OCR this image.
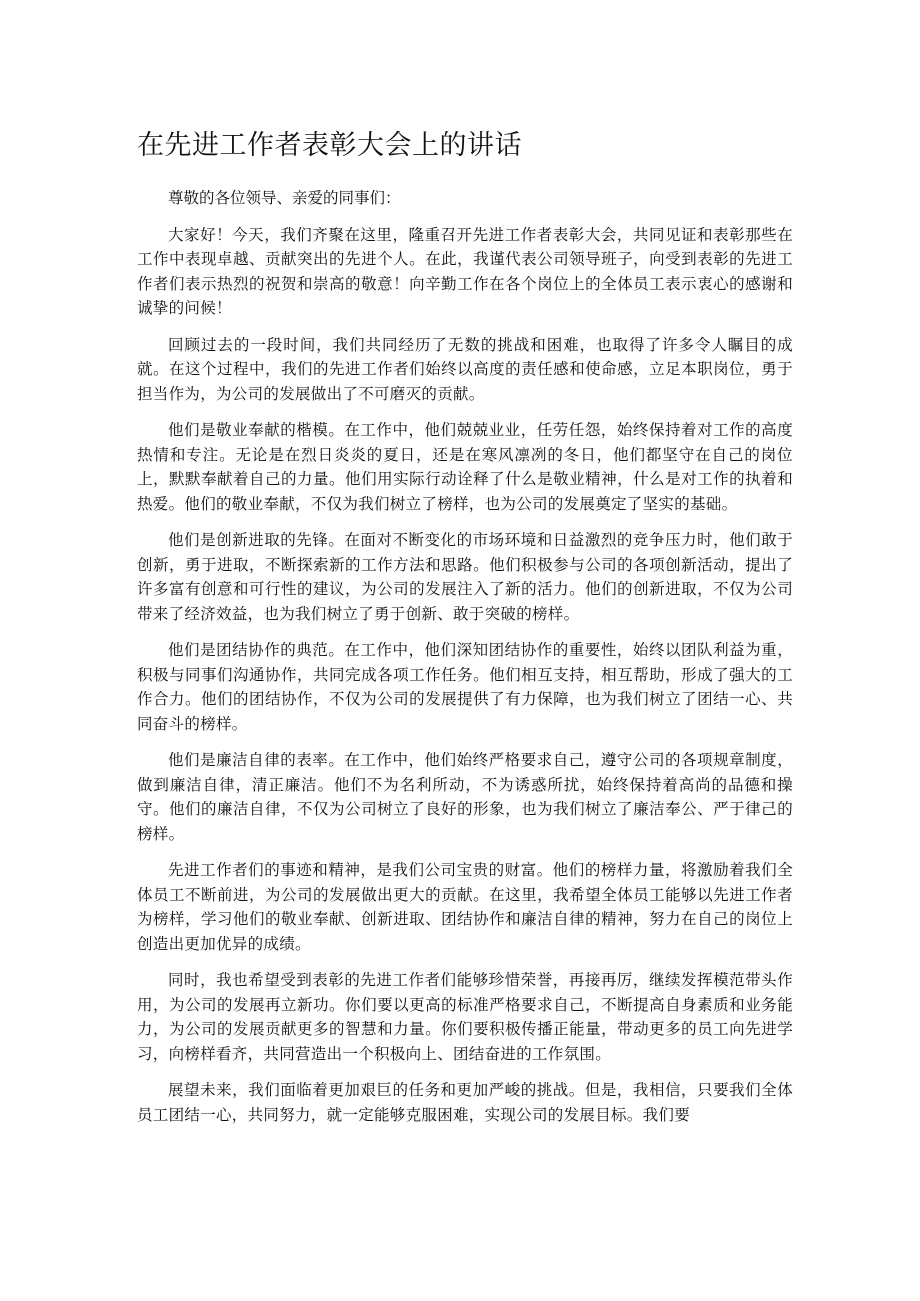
在先进工作者表彰大会上的讲话

尊敬的各位领导、亲爱的同事们：

大家好！今天，我们齐聚在这里，隆重召开先进工作者表彰大会，共同见证和表彰那些在工作中表现卓越、贡献突出的先进个人。在此，我谨代表公司领导班子，向受到表彰的先进工作者们表示热烈的祝贺和崇高的敬意！向辛勤工作在各个岗位上的全体员工表示衷心的感谢和诚挚的问候！

回顾过去的一段时间，我们共同经历了无数的挑战和困难，也取得了许多令人瞩目的成就。在这个过程中，我们的先进工作者们始终以高度的责任感和使命感，立足本职岗位，勇于担当作为，为公司的发展做出了不可磨灭的贡献。

他们是敬业奉献的楷模。在工作中，他们兢兢业业，任劳任怨，始终保持着对工作的高度热情和专注。无论是在烈日炎炎的夏日，还是在寒风凛冽的冬日，他们都坚守在自己的岗位上，默默奉献着自己的力量。他们用实际行动诠释了什么是敬业精神，什么是对工作的执着和热爱。他们的敬业奉献，不仅为我们树立了榜样，也为公司的发展奠定了坚实的基础。

他们是创新进取的先锋。在面对不断变化的市场环境和日益激烈的竞争压力时，他们敢于创新，勇于进取，不断探索新的工作方法和思路。他们积极参与公司的各项创新活动，提出了许多富有创意和可行性的建议，为公司的发展注入了新的活力。他们的创新进取，不仅为公司带来了经济效益，也为我们树立了勇于创新、敢于突破的榜样。

他们是团结协作的典范。在工作中，他们深知团结协作的重要性，始终以团队利益为重，积极与同事们沟通协作，共同完成各项工作任务。他们相互支持，相互帮助，形成了强大的工作合力。他们的团结协作，不仅为公司的发展提供了有力保障，也为我们树立了团结一心、共同奋斗的榜样。

他们是廉洁自律的表率。在工作中，他们始终严格要求自己，遵守公司的各项规章制度，做到廉洁自律，清正廉洁。他们不为名利所动，不为诱惑所扰，始终保持着高尚的品德和操守。他们的廉洁自律，不仅为公司树立了良好的形象，也为我们树立了廉洁奉公、严于律己的榜样。

先进工作者们的事迹和精神，是我们公司宝贵的财富。他们的榜样力量，将激励着我们全体员工不断前进，为公司的发展做出更大的贡献。在这里，我希望全体员工能够以先进工作者为榜样，学习他们的敬业奉献、创新进取、团结协作和廉洁自律的精神，努力在自己的岗位上创造出更加优异的成绩。

同时，我也希望受到表彰的先进工作者们能够珍惜荣誉，再接再厉，继续发挥模范带头作用，为公司的发展再立新功。你们要以更高的标准严格要求自己，不断提高自身素质和业务能力，为公司的发展贡献更多的智慧和力量。你们要积极传播正能量，带动更多的员工向先进学习，向榜样看齐，共同营造出一个积极向上、团结奋进的工作氛围。

展望未来，我们面临着更加艰巨的任务和更加严峻的挑战。但是，我相信，只要我们全体员工团结一心，共同努力，就一定能够克服困难，实现公司的发展目标。我们要
